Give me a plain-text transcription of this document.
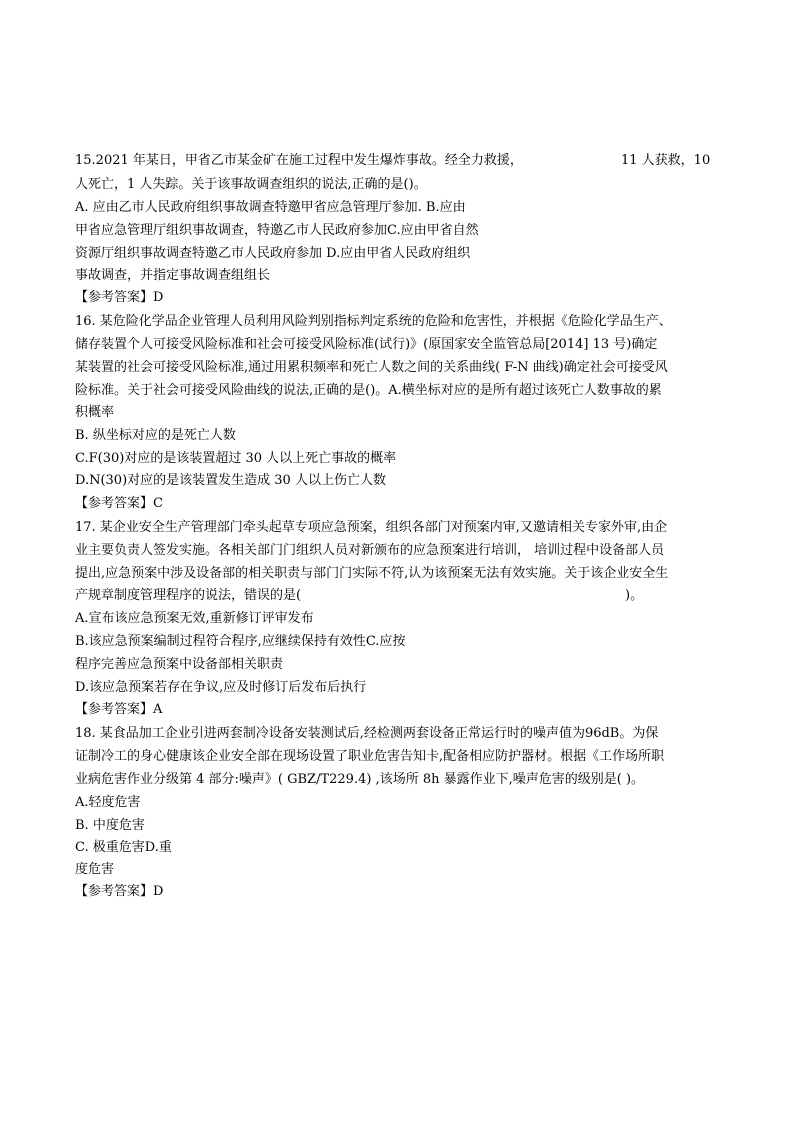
15.2021 年某日，甲省乙市某金矿在施工过程中发生爆炸事故。经全力救援，	11 人获救，10
人死亡，1 人失踪。关于该事故调查组织的说法,正确的是()。
A. 应由乙市人民政府组织事故调查特邀甲省应急管理厅参加. B.应由
甲省应急管理厅组织事故调查，特邀乙市人民政府参加C.应由甲省自然
资源厅组织事故调查特邀乙市人民政府参加 D.应由甲省人民政府组织
事故调查，并指定事故调查组组长
【参考答案】D
16. 某危险化学品企业管理人员利用风险判别指标判定系统的危险和危害性，并根据《危险化学品生产、
储存装置个人可接受风险标准和社会可接受风险标准(试行)》(原国家安全监管总局[2014] 13 号)确定
某装置的社会可接受风险标准,通过用累积频率和死亡人数之间的关系曲线( F-N 曲线)确定社会可接受风
险标准。关于社会可接受风险曲线的说法,正确的是()。A.横坐标对应的是所有超过该死亡人数事故的累
积概率
B. 纵坐标对应的是死亡人数
C.F(30)对应的是该装置超过 30 人以上死亡事故的概率
D.N(30)对应的是该装置发生造成 30 人以上伤亡人数
【参考答案】C
17. 某企业安全生产管理部门牵头起草专项应急预案，组织各部门对预案内审,又邀请相关专家外审,由企
业主要负责人签发实施。各相关部门门组织人员对新颁布的应急预案进行培训， 培训过程中设备部人员
提出,应急预案中涉及设备部的相关职责与部门门实际不符,认为该预案无法有效实施。关于该企业安全生
产规章制度管理程序的说法，错误的是(	)。
A.宣布该应急预案无效,重新修订评审发布
B.该应急预案编制过程符合程序,应继续保持有效性C.应按
程序完善应急预案中设备部相关职责
D.该应急预案若存在争议,应及时修订后发布后执行
【参考答案】A
18. 某食品加工企业引进两套制冷设备安装测试后,经检测两套设备正常运行时的噪声值为96dB。为保
证制冷工的身心健康该企业安全部在现场设置了职业危害告知卡,配备相应防护器材。根据《工作场所职
业病危害作业分级第 4 部分:噪声》( GBZ/T229.4) ,该场所 8h 暴露作业下,噪声危害的级别是( )。
A.轻度危害
B. 中度危害
C. 极重危害D.重
度危害
【参考答案】D
